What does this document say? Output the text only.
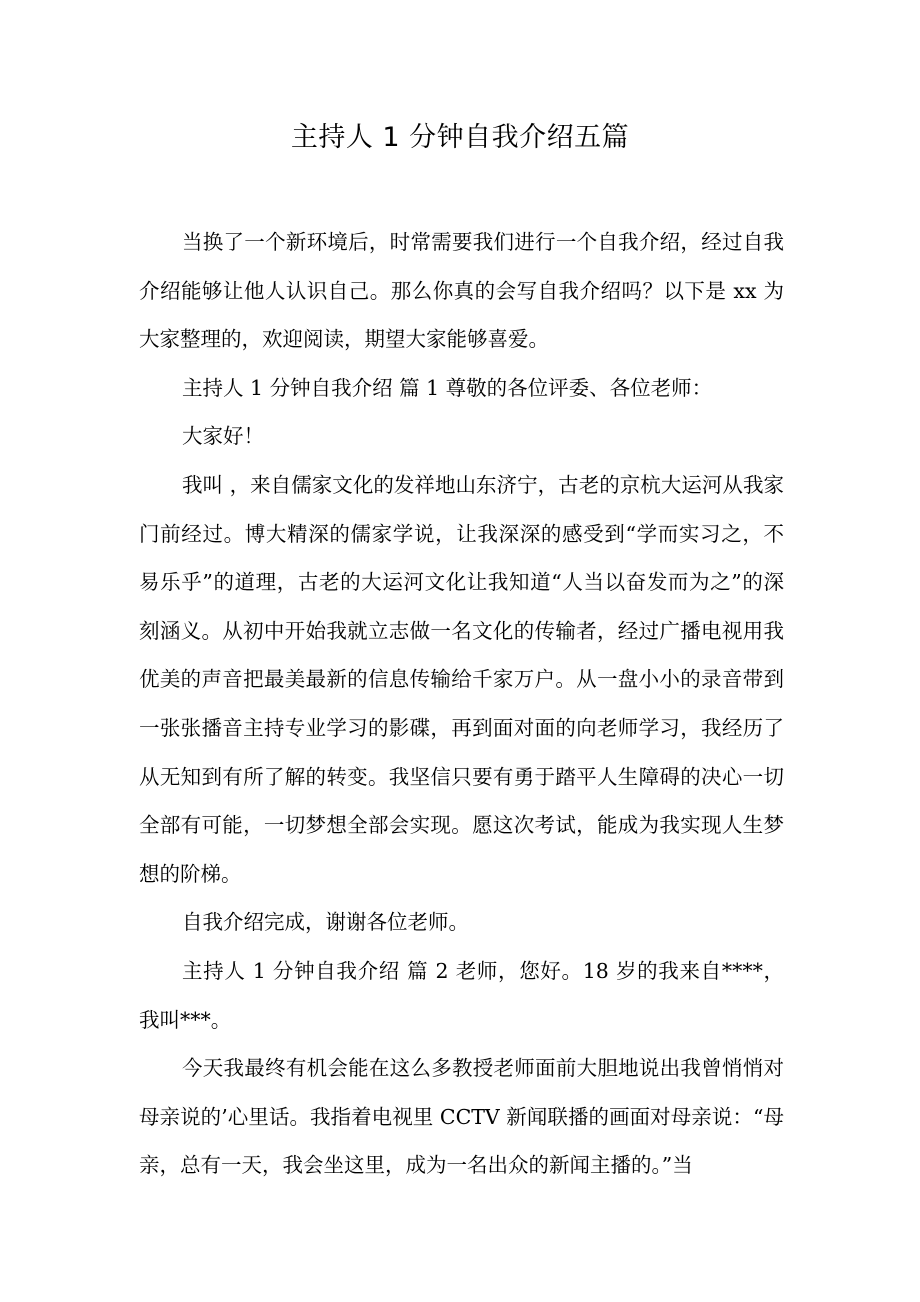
主持人 1 分钟自我介绍五篇

当换了一个新环境后，时常需要我们进行一个自我介绍，经过自我介绍能够让他人认识自己。那么你真的会写自我介绍吗？以下是 xx 为大家整理的，欢迎阅读，期望大家能够喜爱。

主持人 1 分钟自我介绍 篇 1 尊敬的各位评委、各位老师：

大家好！

我叫 ，来自儒家文化的发祥地山东济宁，古老的京杭大运河从我家门前经过。博大精深的儒家学说，让我深深的感受到“学而实习之，不易乐乎”的道理，古老的大运河文化让我知道“人当以奋发而为之”的深刻涵义。从初中开始我就立志做一名文化的传输者，经过广播电视用我优美的声音把最美最新的信息传输给千家万户。从一盘小小的录音带到一张张播音主持专业学习的影碟，再到面对面的向老师学习，我经历了从无知到有所了解的转变。我坚信只要有勇于踏平人生障碍的决心一切全部有可能，一切梦想全部会实现。愿这次考试，能成为我实现人生梦想的阶梯。

自我介绍完成，谢谢各位老师。

主持人 1 分钟自我介绍 篇 2 老师，您好。18 岁的我来自****，我叫***。

今天我最终有机会能在这么多教授老师面前大胆地说出我曾悄悄对母亲说的’心里话。我指着电视里 CCTV 新闻联播的画面对母亲说：“母亲，总有一天，我会坐这里，成为一名出众的新闻主播的。”当
